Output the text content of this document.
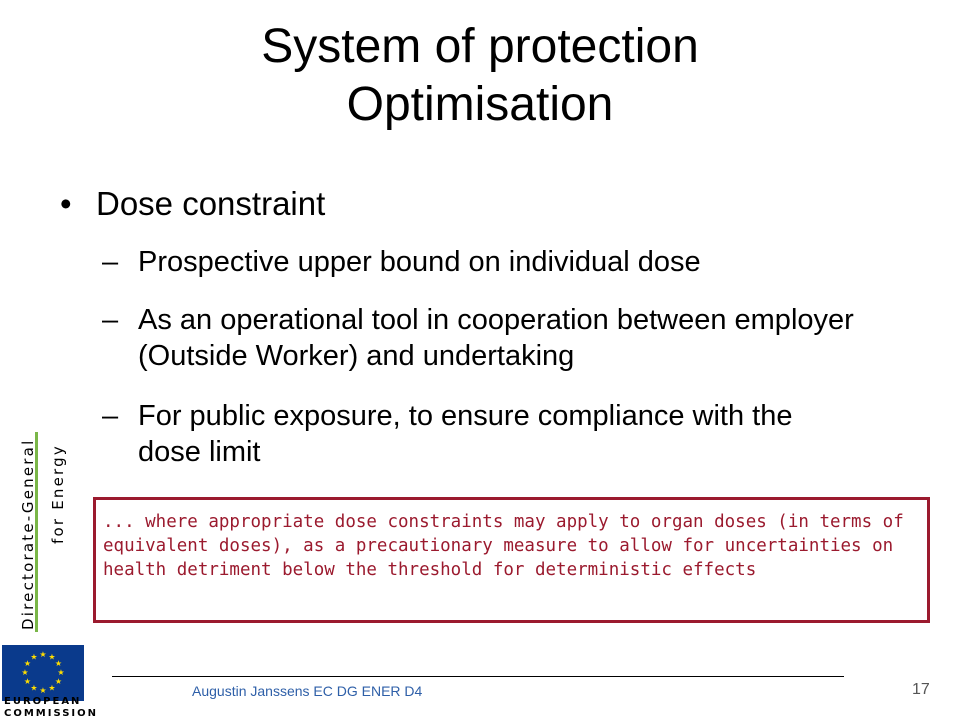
System of protection
Optimisation
• Dose constraint
– Prospective upper bound on individual dose
– As an operational tool in cooperation between employer (Outside Worker) and undertaking
– For public exposure, to ensure compliance with the dose limit
... where appropriate dose constraints may apply to organ doses (in terms of equivalent doses), as a precautionary measure to allow for uncertainties on health detriment below the threshold for deterministic effects
Directorate-General for Energy
★ ★
★
★
★
★
★
★
★
★
★
★
EUROPEAN
COMMISSION
Augustin Janssens EC DG ENER D4	17
